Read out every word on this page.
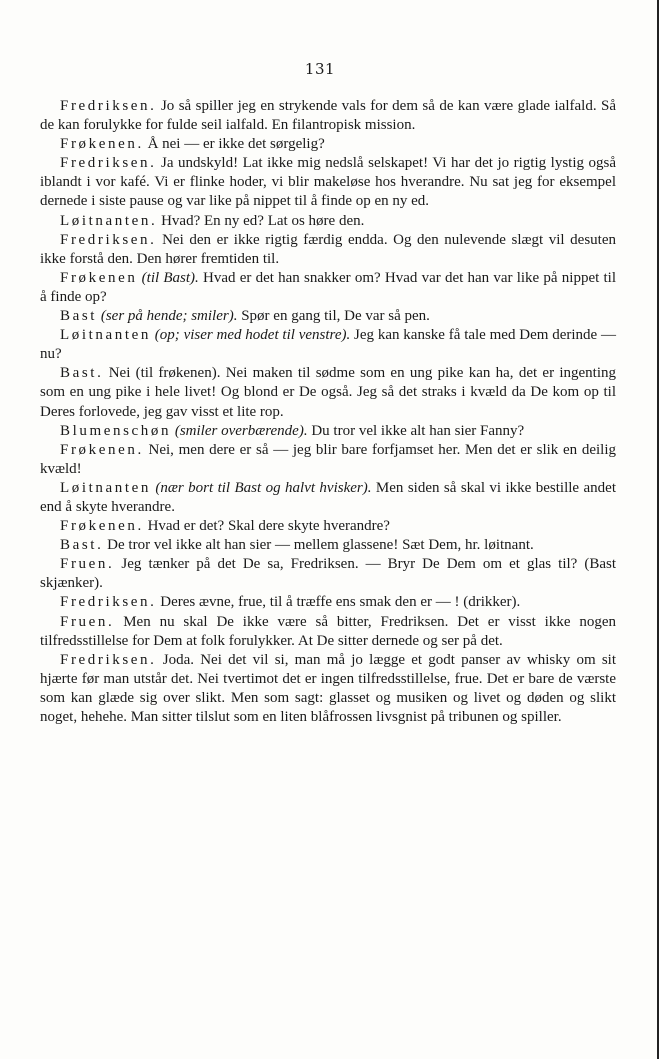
131

Fredriksen. Jo så spiller jeg en strykende vals for dem så de kan være glade ialfald. Så de kan forulykke for fulde seil ialfald. En filantropisk mission.

Frøkenen. Å nei — er ikke det sørgelig?

Fredriksen. Ja undskyld! Lat ikke mig nedslå selskapet! Vi har det jo rigtig lystig også iblandt i vor kafé. Vi er flinke hoder, vi blir makeløse hos hverandre. Nu sat jeg for eksempel dernede i siste pause og var like på nippet til å finde op en ny ed.

Løitnanten. Hvad? En ny ed? Lat os høre den.

Fredriksen. Nei den er ikke rigtig færdig endda. Og den nulevende slægt vil desuten ikke forstå den. Den hører fremtiden til.

Frøkenen (til Bast). Hvad er det han snakker om? Hvad var det han var like på nippet til å finde op?

Bast (ser på hende; smiler). Spør en gang til, De var så pen.

Løitnanten (op; viser med hodet til venstre). Jeg kan kanske få tale med Dem derinde — nu?

Bast. Nei (til frøkenen). Nei maken til sødme som en ung pike kan ha, det er ingenting som en ung pike i hele livet! Og blond er De også. Jeg så det straks i kvæld da De kom op til Deres forlovede, jeg gav visst et lite rop.

Blumenschøn (smiler overbærende). Du tror vel ikke alt han sier Fanny?

Frøkenen. Nei, men dere er så — jeg blir bare forfjamset her. Men det er slik en deilig kvæld!

Løitnanten (nær bort til Bast og halvt hvisker). Men siden så skal vi ikke bestille andet end å skyte hverandre.

Frøkenen. Hvad er det? Skal dere skyte hverandre?

Bast. De tror vel ikke alt han sier — mellem glassene! Sæt Dem, hr. løitnant.

Fruen. Jeg tænker på det De sa, Fredriksen. — Bryr De Dem om et glas til? (Bast skjænker).

Fredriksen. Deres ævne, frue, til å træffe ens smak den er — ! (drikker).

Fruen. Men nu skal De ikke være så bitter, Fredriksen. Det er visst ikke nogen tilfredsstillelse for Dem at folk forulykker. At De sitter dernede og ser på det.

Fredriksen. Joda. Nei det vil si, man må jo lægge et godt panser av whisky om sit hjærte før man utstår det. Nei tvertimot det er ingen tilfredsstillelse, frue. Det er bare de værste som kan glæde sig over slikt. Men som sagt: glasset og musiken og livet og døden og slikt noget, hehehe. Man sitter tilslut som en liten blåfrossen livsgnist på tribunen og spiller.
